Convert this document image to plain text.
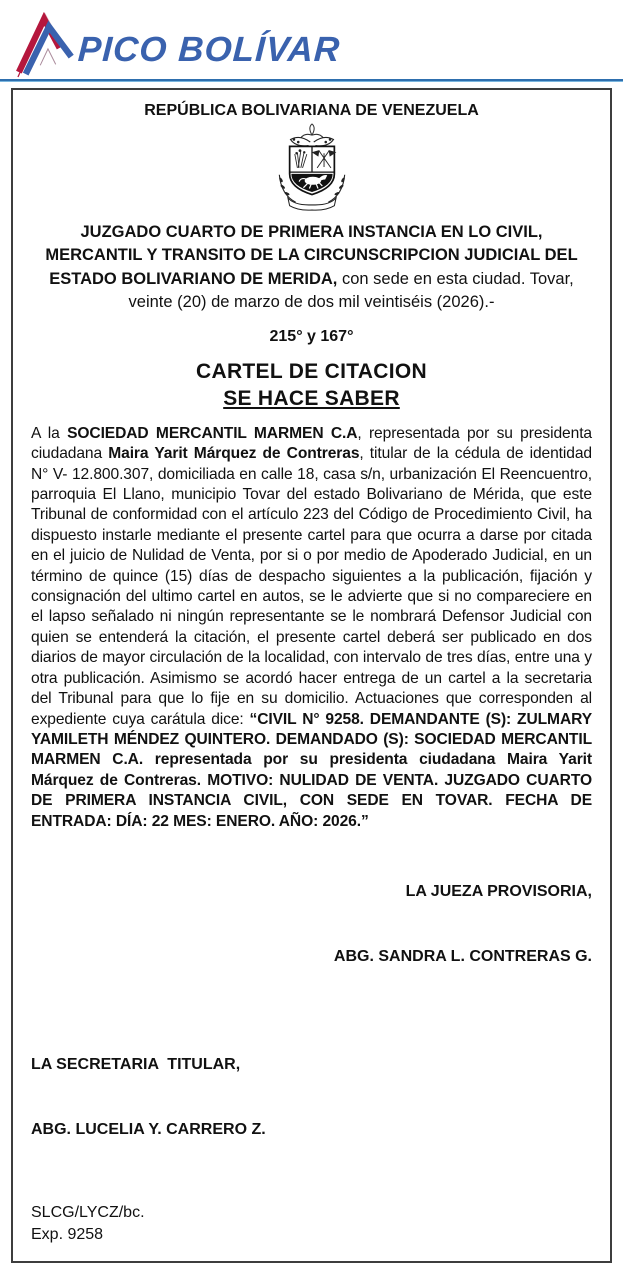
PICO BOLÍVAR
REPÚBLICA BOLIVARIANA DE VENEZUELA

JUZGADO CUARTO DE PRIMERA INSTANCIA EN LO CIVIL, MERCANTIL Y TRANSITO DE LA CIRCUNSCRIPCION JUDICIAL DEL ESTADO BOLIVARIANO DE MERIDA, con sede en esta ciudad. Tovar, veinte (20) de marzo de dos mil veintiséis (2026).-

215° y 167°

CARTEL DE CITACION
SE HACE SABER

A la SOCIEDAD MERCANTIL MARMEN C.A, representada por su presidenta ciudadana Maira Yarit Márquez de Contreras, titular de la cédula de identidad N° V- 12.800.307, domiciliada en calle 18, casa s/n, urbanización El Reencuentro, parroquia El Llano, municipio Tovar del estado Bolivariano de Mérida, que este Tribunal de conformidad con el artículo 223 del Código de Procedimiento Civil, ha dispuesto instarle mediante el presente cartel para que ocurra a darse por citada en el juicio de Nulidad de Venta, por si o por medio de Apoderado Judicial, en un término de quince (15) días de despacho siguientes a la publicación, fijación y consignación del ultimo cartel en autos, se le advierte que si no compareciere en el lapso señalado ni ningún representante se le nombrará Defensor Judicial con quien se entenderá la citación, el presente cartel deberá ser publicado en dos diarios de mayor circulación de la localidad, con intervalo de tres días, entre una y otra publicación. Asimismo se acordó hacer entrega de un cartel a la secretaria del Tribunal para que lo fije en su domicilio. Actuaciones que corresponden al expediente cuya carátula dice: “CIVIL N° 9258. DEMANDANTE (S): ZULMARY YAMILETH MÉNDEZ QUINTERO. DEMANDADO (S): SOCIEDAD MERCANTIL MARMEN C.A. representada por su presidenta ciudadana Maira Yarit Márquez de Contreras. MOTIVO: NULIDAD DE VENTA. JUZGADO CUARTO DE PRIMERA INSTANCIA CIVIL, CON SEDE EN TOVAR. FECHA DE ENTRADA: DÍA: 22 MES: ENERO. AÑO: 2026.”

LA JUEZA PROVISORIA,

ABG. SANDRA L. CONTRERAS G.

LA SECRETARIA  TITULAR,

ABG. LUCELIA Y. CARRERO Z.

SLCG/LYCZ/bc.
Exp. 9258
